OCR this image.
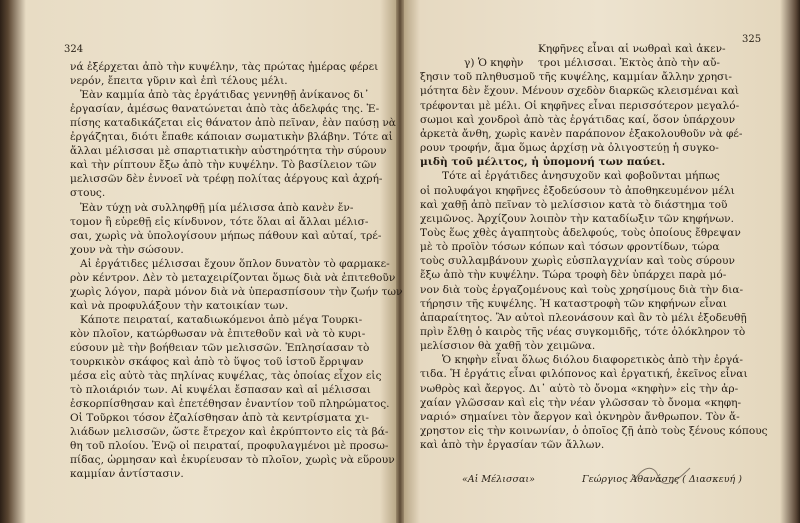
324
νά ἐξέρχεται ἀπὸ τὴν κυψέλην, τὰς πρώτας ἡμέρας φέρει
νερόν, ἔπειτα γῦριν καὶ ἐπὶ τέλους μέλι.
Ἐὰν καμμία ἀπὸ τὰς ἐργάτιδας γεννηθῇ ἀνίκανος δι᾽
ἐργασίαν, ἀμέσως θανατώνεται ἀπὸ τὰς ἀδελφάς της. Ἐ-
πίσης καταδικάζεται εἰς θάνατον ἀπὸ πεῖναν, ἐὰν παύσῃ νὰ
ἐργάζηται, διότι ἔπαθε κάποιαν σωματικὴν βλάβην. Τότε αἱ
ἄλλαι μέλισσαι μὲ σπαρτιατικὴν αὐστηρότητα τὴν σύρουν
καὶ τὴν ρίπτουν ἔξω ἀπὸ τὴν κυψέλην. Τὸ βασίλειον τῶν
μελισσῶν δὲν ἐννοεῖ νὰ τρέφῃ πολίτας ἀέργους καὶ ἀχρή-
στους.
Ἐὰν τύχῃ νὰ συλληφθῇ μία μέλισσα ἀπὸ κανὲν ἔν-
τομον ἢ εὑρεθῇ εἰς κίνδυνον, τότε ὅλαι αἱ ἄλλαι μέλισ-
σαι, χωρὶς νὰ ὑπολογίσουν μήπως πάθουν καὶ αὐταί, τρέ-
χουν νὰ τὴν σώσουν.
Αἱ ἐργάτιδες μέλισσαι ἔχουν ὅπλον δυνατὸν τὸ φαρμακε-
ρὸν κέντρον. Δὲν τὸ μεταχειρίζονται ὅμως διὰ νὰ ἐπιτεθοῦν
χωρὶς λόγον, παρὰ μόνον διὰ νὰ ὑπερασπίσουν τὴν ζωήν των
καὶ νὰ προφυλάξουν τὴν κατοικίαν των.
Κάποτε πειραταί, καταδιωκόμενοι ἀπὸ μέγα Τουρκι-
κὸν πλοῖον, κατώρθωσαν νὰ ἐπιτεθοῦν καὶ νὰ τὸ κυρι-
εύσουν μὲ τὴν βοήθειαν τῶν μελισσῶν. Ἐπλησίασαν τὸ
τουρκικὸν σκάφος καὶ ἀπὸ τὸ ὕψος τοῦ ἱστοῦ ἔρριψαν
μέσα εἰς αὐτὸ τὰς πηλίνας κυψέλας, τὰς ὁποίας εἶχον εἰς
τὸ πλοιάριόν των. Αἱ κυψέλαι ἔσπασαν καὶ αἱ μέλισσαι
ἐσκορπίσθησαν καὶ ἐπετέθησαν ἐναντίον τοῦ πληρώματος.
Οἱ Τοῦρκοι τόσον ἐζαλίσθησαν ἀπὸ τὰ κεντρίσματα χι-
λιάδων μελισσῶν, ὥστε ἔτρεχον καὶ ἐκρύπτοντο εἰς τὰ βά-
θη τοῦ πλοίου. Ἐνῷ οἱ πειραταί, προφυλαγμένοι μὲ προσω-
πίδας, ὡρμησαν καὶ ἐκυρίευσαν τὸ πλοῖον, χωρὶς νὰ εὕρουν
καμμίαν ἀντίστασιν.
325
γ) Ὁ κηφὴν
Κηφῆνες εἶναι αἱ νωθραὶ καὶ ἀκεν-
τροι μέλισσαι. Ἐκτὸς ἀπὸ τὴν αὔ-
ξησιν τοῦ πληθυσμοῦ τῆς κυψέλης, καμμίαν ἄλλην χρησι-
μότητα δὲν ἔχουν. Μένουν σχεδὸν διαρκῶς κλεισμέναι καὶ
τρέφονται μὲ μέλι. Οἱ κηφῆνες εἶναι περισσότερον μεγαλό-
σωμοι καὶ χονδροὶ ἀπὸ τὰς ἐργάτιδας καί, ὅσον ὑπάρχουν
ἀρκετὰ ἄνθη, χωρὶς κανὲν παράπονον ἐξακολουθοῦν νὰ φέ-
ρουν τροφήν, ἄμα ὅμως ἀρχίσῃ νὰ ὀλιγοστεύῃ ἡ συγκο-
μιδὴ τοῦ μέλιτος, ἡ ὑπομονή των παύει.
Τότε αἱ ἐργάτιδες ἀνησυχοῦν καὶ φοβοῦνται μήπως
οἱ πολυφάγοι κηφῆνες ἐξοδεύσουν τὸ ἀποθηκευμένον μέλι
καὶ χαθῇ ἀπὸ πεῖναν τὸ μελίσσιον κατὰ τὸ διάστημα τοῦ
χειμῶνος. Ἀρχίζουν λοιπὸν τὴν καταδίωξιν τῶν κηφήνων.
Τοὺς ἕως χθὲς ἀγαπητοὺς ἀδελφούς, τοὺς ὁποίους ἔθρεψαν
μὲ τὸ προϊὸν τόσων κόπων καὶ τόσων φροντίδων, τώρα
τοὺς συλλαμβάνουν χωρὶς εὐσπλαγχνίαν καὶ τοὺς σύρουν
ἔξω ἀπὸ τὴν κυψέλην. Τώρα τροφὴ δὲν ὑπάρχει παρὰ μό-
νον διὰ τοὺς ἐργαζομένους καὶ τοὺς χρησίμους διὰ τὴν δια-
τήρησιν τῆς κυψέλης. Ἡ καταστροφὴ τῶν κηφήνων εἶναι
ἀπαραίτητος. Ἂν αὐτοὶ πλεονάσουν καὶ ἂν τὸ μέλι ἐξοδευθῇ
πρὶν ἔλθῃ ὁ καιρὸς τῆς νέας συγκομιδῆς, τότε ὁλόκληρον τὸ
μελίσσιον θὰ χαθῇ τὸν χειμῶνα.
Ὁ κηφὴν εἶναι ὅλως διόλου διαφορετικὸς ἀπὸ τὴν ἐργά-
τιδα. Ἡ ἐργάτις εἶναι φιλόπονος καὶ ἐργατική, ἐκεῖνος εἶναι
νωθρὸς καὶ ἄεργος. Δι᾽ αὐτὸ τὸ ὄνομα «κηφὴν» εἰς τὴν ἀρ-
χαίαν γλῶσσαν καὶ εἰς τὴν νέαν γλῶσσαν τὸ ὄνομα «κηφη-
ναριό» σημαίνει τὸν ἄεργον καὶ ὀκνηρὸν ἄνθρωπον. Τὸν ἄ-
χρηστον εἰς τὴν κοινωνίαν, ὁ ὁποῖος ζῇ ἀπὸ τοὺς ξένους κόπους
καὶ ἀπὸ τὴν ἐργασίαν τῶν ἄλλων.
«Αἱ Μέλισσαι»	Γεώργιος Ἀθανάσης ( Διασκευή )
